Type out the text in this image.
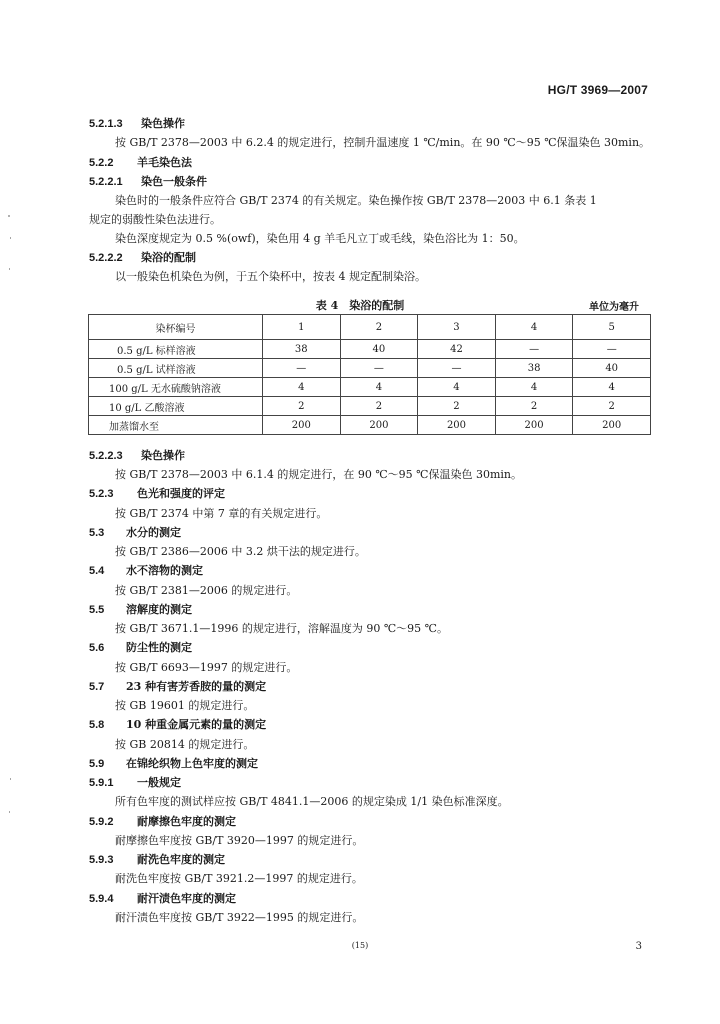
HG/T 3969—2007
5.2.1.3 染色操作
按 GB/T 2378—2003 中 6.2.4 的规定进行，控制升温速度 1 ℃/min。在 90 ℃～95 ℃保温染色 30min。
5.2.2 羊毛染色法
5.2.2.1 染色一般条件
染色时的一般条件应符合 GB/T 2374 的有关规定。染色操作按 GB/T 2378—2003 中 6.1 条表 1
规定的弱酸性染色法进行。
染色深度规定为 0.5 %(owf)，染色用 4 g 羊毛凡立丁或毛线，染色浴比为 1：50。
5.2.2.2 染浴的配制
以一般染色机染色为例，于五个染杯中，按表 4 规定配制染浴。
表 4　染浴的配制	单位为毫升
染杯编号	1	2	3	4	5
0.5 g/L 标样溶液	38	40	42	—	—
0.5 g/L 试样溶液	—	—	—	38	40
100 g/L 无水硫酸钠溶液	4	4	4	4	4
10 g/L 乙酸溶液	2	2	2	2	2
加蒸馏水至	200	200	200	200	200
5.2.2.3 染色操作
按 GB/T 2378—2003 中 6.1.4 的规定进行，在 90 ℃～95 ℃保温染色 30min。
5.2.3 色光和强度的评定
按 GB/T 2374 中第 7 章的有关规定进行。
5.3 水分的测定
按 GB/T 2386—2006 中 3.2 烘干法的规定进行。
5.4 水不溶物的测定
按 GB/T 2381—2006 的规定进行。
5.5 溶解度的测定
按 GB/T 3671.1—1996 的规定进行，溶解温度为 90 ℃～95 ℃。
5.6 防尘性的测定
按 GB/T 6693—1997 的规定进行。
5.7 23 种有害芳香胺的量的测定
按 GB 19601 的规定进行。
5.8 10 种重金属元素的量的测定
按 GB 20814 的规定进行。
5.9 在锦纶织物上色牢度的测定
5.9.1 一般规定
所有色牢度的测试样应按 GB/T 4841.1—2006 的规定染成 1/1 染色标准深度。
5.9.2 耐摩擦色牢度的测定
耐摩擦色牢度按 GB/T 3920—1997 的规定进行。
5.9.3 耐洗色牢度的测定
耐洗色牢度按 GB/T 3921.2—1997 的规定进行。
5.9.4 耐汗渍色牢度的测定
耐汗渍色牢度按 GB/T 3922—1995 的规定进行。
(15)	3
